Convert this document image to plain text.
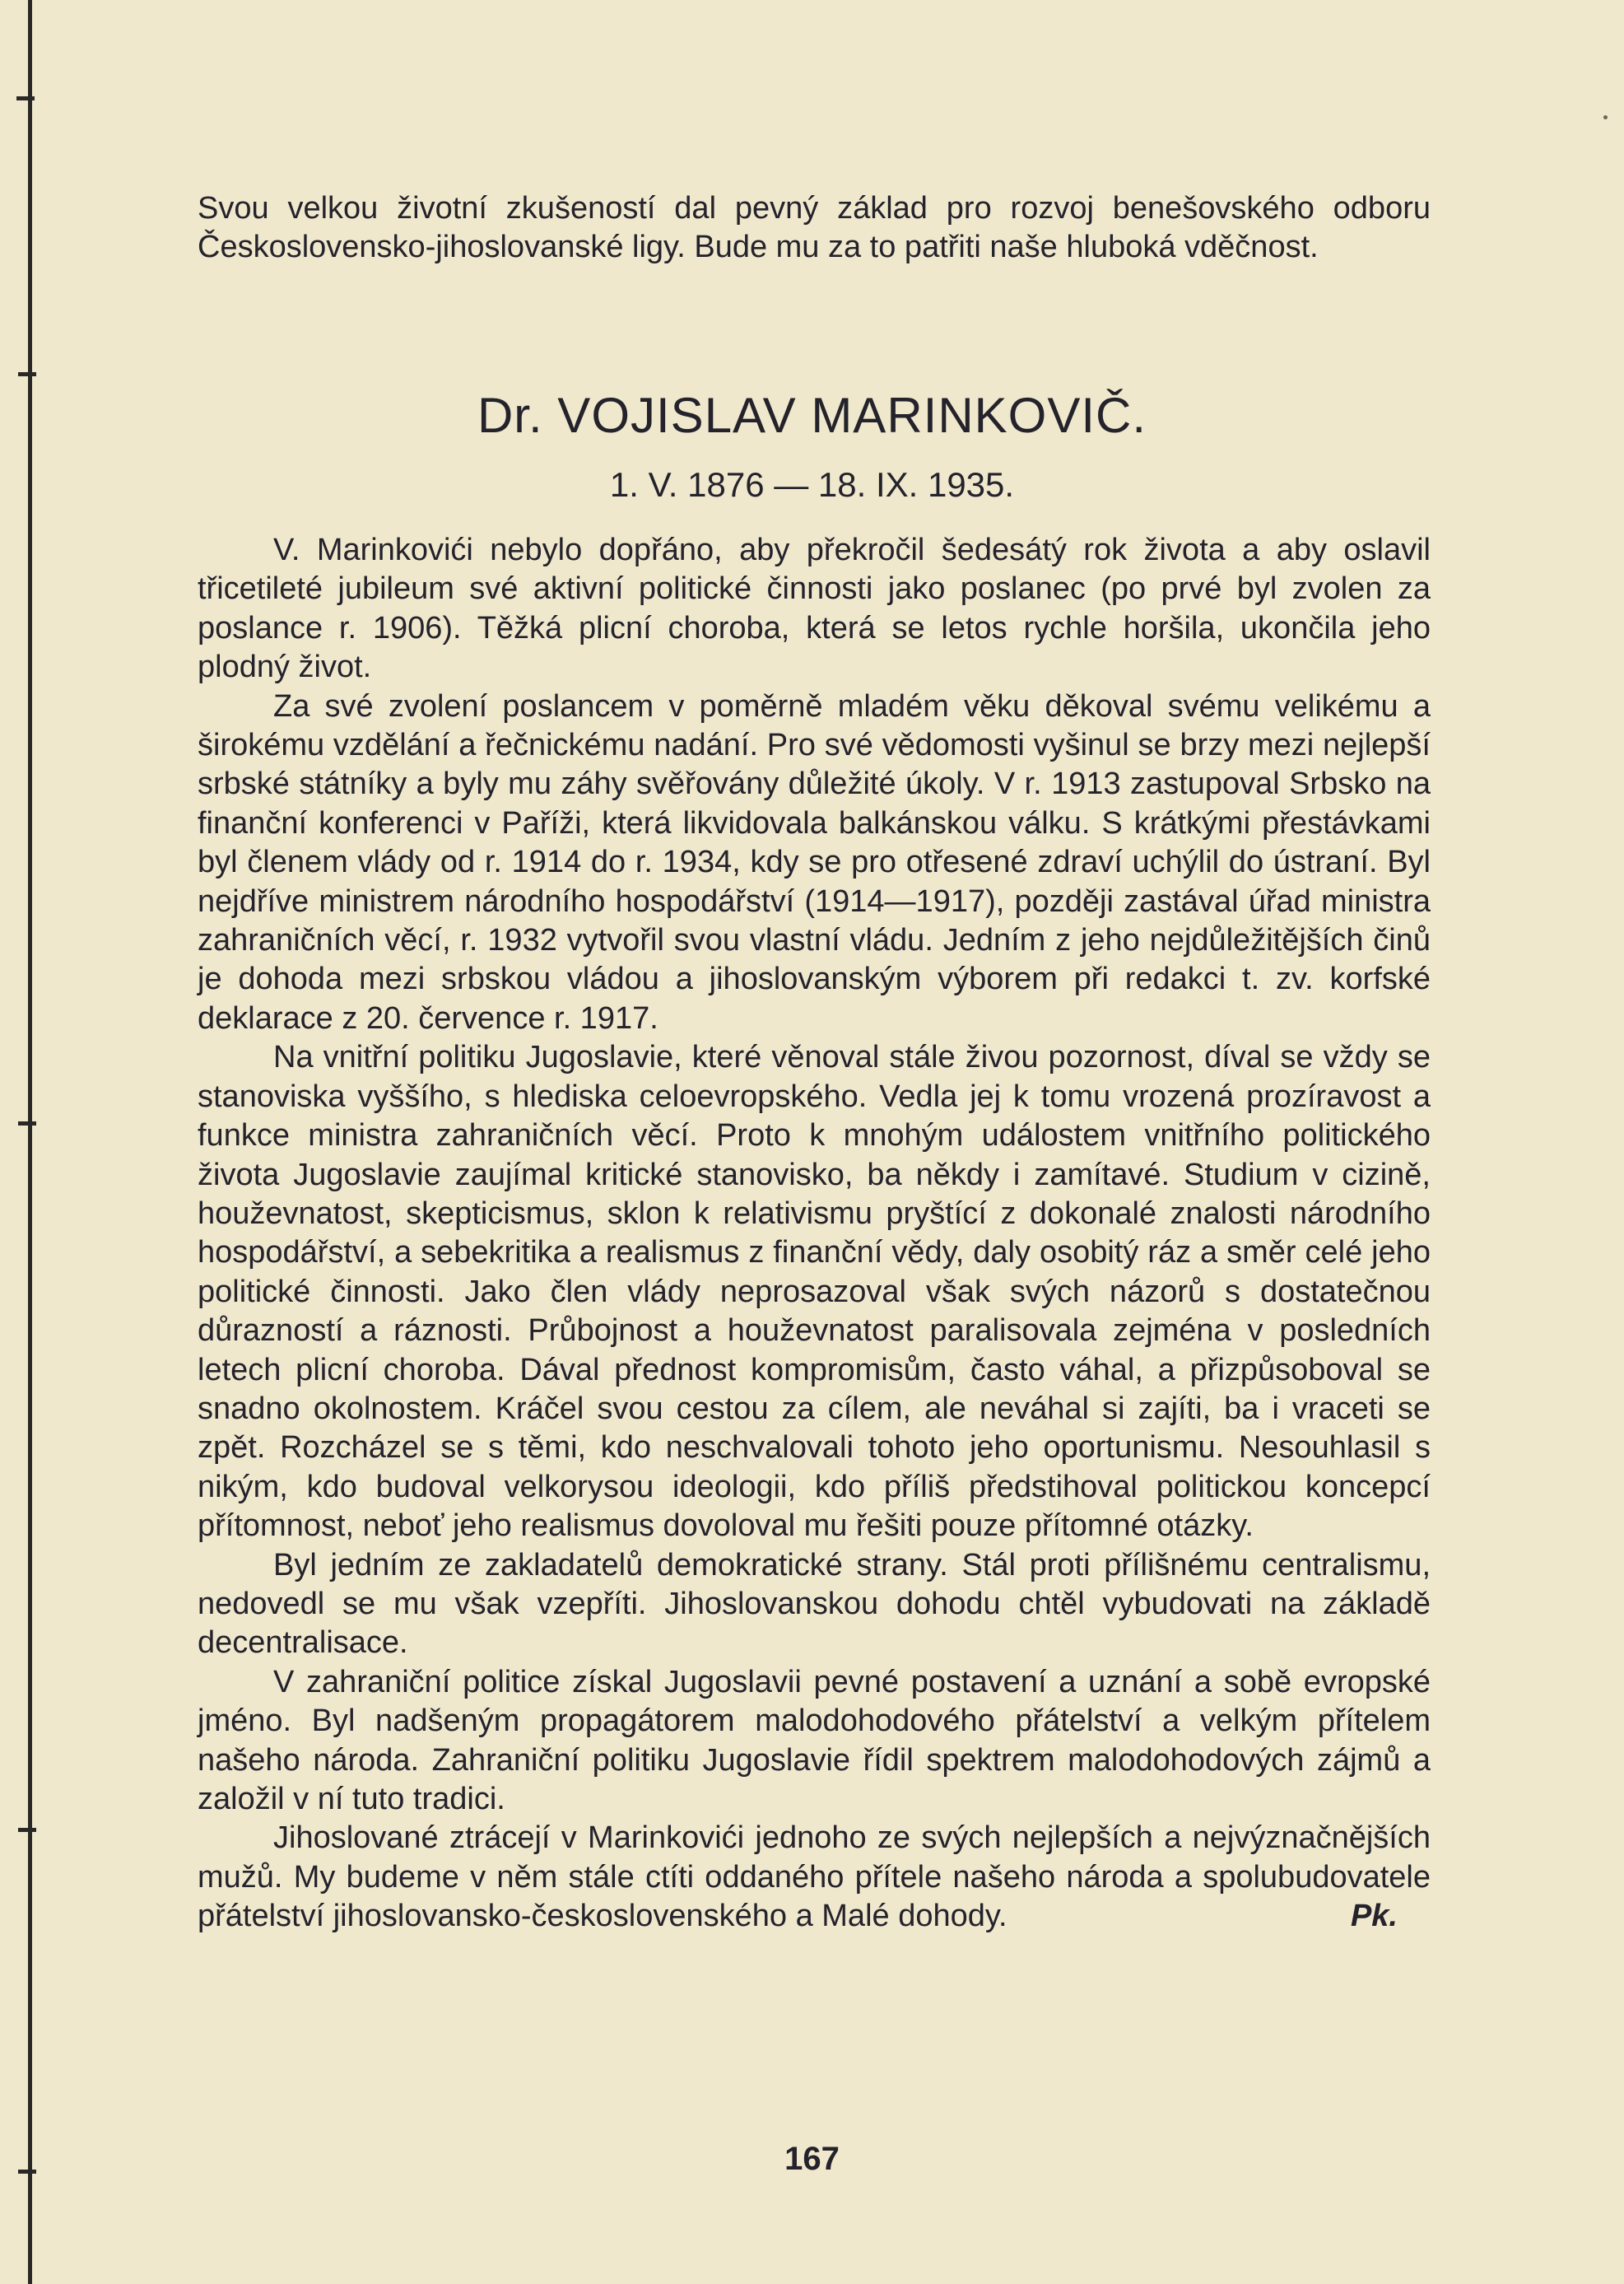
Svou velkou životní zkušeností dal pevný základ pro rozvoj benešovského odboru Československo-jihoslovanské ligy. Bude mu za to patřiti naše hluboká vděčnost.

Dr. VOJISLAV MARINKOVIČ.
1. V. 1876 — 18. IX. 1935.

V. Marinkovići nebylo dopřáno, aby překročil šedesátý rok života a aby oslavil třicetileté jubileum své aktivní politické činnosti jako poslanec (po prvé byl zvolen za poslance r. 1906). Těžká plicní choroba, která se letos rychle horšila, ukončila jeho plodný život.

Za své zvolení poslancem v poměrně mladém věku děkoval svému velikému a širokému vzdělání a řečnickému nadání. Pro své vědomosti vyšinul se brzy mezi nejlepší srbské státníky a byly mu záhy svěřovány důležité úkoly. V r. 1913 zastupoval Srbsko na finanční konferenci v Paříži, která likvidovala balkánskou válku. S krátkými přestávkami byl členem vlády od r. 1914 do r. 1934, kdy se pro otřesené zdraví uchýlil do ústraní. Byl nejdříve ministrem národního hospodářství (1914—1917), později zastával úřad ministra zahraničních věcí, r. 1932 vytvořil svou vlastní vládu. Jedním z jeho nejdůležitějších činů je dohoda mezi srbskou vládou a jihoslovanským výborem při redakci t. zv. korfské deklarace z 20. července r. 1917.

Na vnitřní politiku Jugoslavie, které věnoval stále živou pozornost, díval se vždy se stanoviska vyššího, s hlediska celoevropského. Vedla jej k tomu vrozená prozíravost a funkce ministra zahraničních věcí. Proto k mnohým událostem vnitřního politického života Jugoslavie zaujímal kritické stanovisko, ba někdy i zamítavé. Studium v cizině, houževnatost, skepticismus, sklon k relativismu pryštící z dokonalé znalosti národního hospodářství, a sebekritika a realismus z finanční vědy, daly osobitý ráz a směr celé jeho politické činnosti. Jako člen vlády neprosazoval však svých názorů s dostatečnou důrazností a ráznosti. Průbojnost a houževnatost paralisovala zejména v posledních letech plicní choroba. Dával přednost kompromisům, často váhal, a přizpůsoboval se snadno okolnostem. Kráčel svou cestou za cílem, ale neváhal si zajíti, ba i vraceti se zpět. Rozcházel se s těmi, kdo neschvalovali tohoto jeho oportunismu. Nesouhlasil s nikým, kdo budoval velkorysou ideologii, kdo příliš předstihoval politickou koncepcí přítomnost, neboť jeho realismus dovoloval mu řešiti pouze přítomné otázky.

Byl jedním ze zakladatelů demokratické strany. Stál proti přílišnému centralismu, nedovedl se mu však vzepříti. Jihoslovanskou dohodu chtěl vybudovati na základě decentralisace.

V zahraniční politice získal Jugoslavii pevné postavení a uznání a sobě evropské jméno. Byl nadšeným propagátorem malodohodového přátelství a velkým přítelem našeho národa. Zahraniční politiku Jugoslavie řídil spektrem malodohodových zájmů a založil v ní tuto tradici.

Jihoslované ztrácejí v Marinkovići jednoho ze svých nejlepších a nejvýznačnějších mužů. My budeme v něm stále ctíti oddaného přítele našeho národa a spolubudovatele přátelství jihoslovansko-československého a Malé dohody.	Pk.

167
